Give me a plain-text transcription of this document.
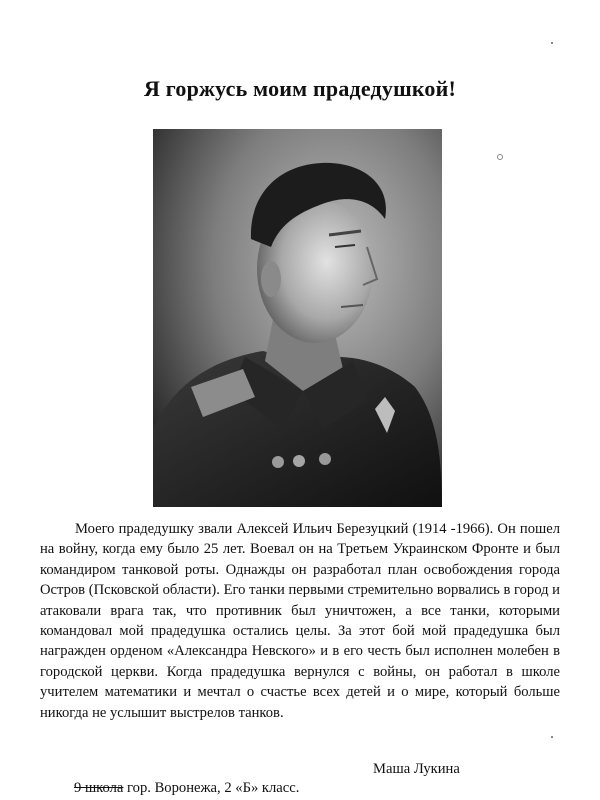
Я горжусь моим прадедушкой!

Моего прадедушку звали Алексей Ильич Березуцкий (1914 -1966). Он пошел на войну, когда ему было 25 лет. Воевал он на Третьем Украинском Фронте и был командиром танковой роты. Однажды он разработал план освобождения города Остров (Псковской области). Его танки первыми стремительно ворвались в город и атаковали врага так, что противник был уничтожен, а все танки, которыми командовал мой прадедушка остались целы. За этот бой мой прадедушка был награжден орденом «Александра Невского» и в его честь был исполнен молебен в городской церкви. Когда прадедушка вернулся с войны, он работал в школе учителем математики и мечтал о счастье всех детей и о мире, который больше никогда не услышит выстрелов танков.

Маша Лукина
9 школа гор. Воронежа, 2 «Б» класс.
